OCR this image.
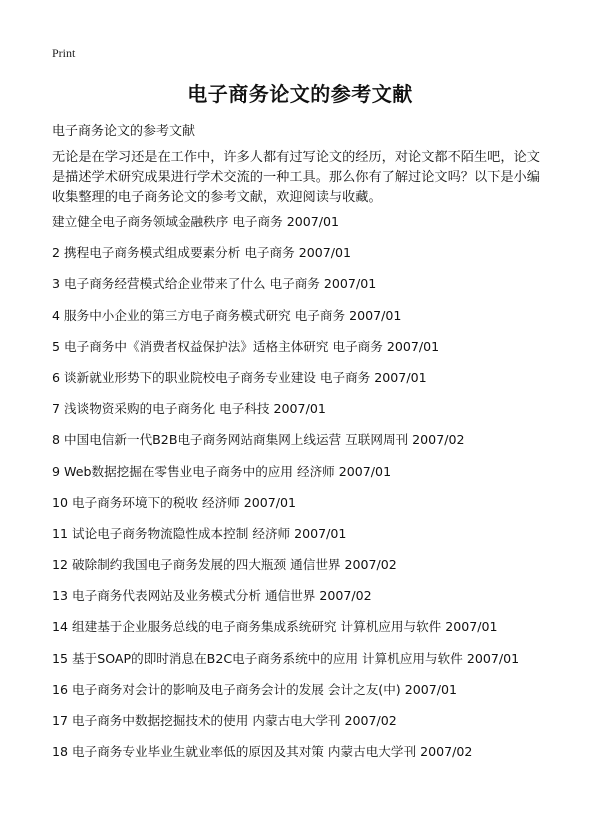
Print
电子商务论文的参考文献
电子商务论文的参考文献
无论是在学习还是在工作中，许多人都有过写论文的经历，对论文都不陌生吧，论文是描述学术研究成果进行学术交流的一种工具。那么你有了解过论文吗？以下是小编收集整理的电子商务论文的参考文献，欢迎阅读与收藏。
建立健全电子商务领域金融秩序 电子商务 2007/01
2 携程电子商务模式组成要素分析 电子商务 2007/01
3 电子商务经营模式给企业带来了什么 电子商务 2007/01
4 服务中小企业的第三方电子商务模式研究 电子商务 2007/01
5 电子商务中《消费者权益保护法》适格主体研究 电子商务 2007/01
6 谈新就业形势下的职业院校电子商务专业建设 电子商务 2007/01
7 浅谈物资采购的电子商务化 电子科技 2007/01
8 中国电信新一代B2B电子商务网站商集网上线运营 互联网周刊 2007/02
9 Web数据挖掘在零售业电子商务中的应用 经济师 2007/01
10 电子商务环境下的税收 经济师 2007/01
11 试论电子商务物流隐性成本控制 经济师 2007/01
12 破除制约我国电子商务发展的四大瓶颈 通信世界 2007/02
13 电子商务代表网站及业务模式分析 通信世界 2007/02
14 组建基于企业服务总线的电子商务集成系统研究 计算机应用与软件 2007/01
15 基于SOAP的即时消息在B2C电子商务系统中的应用 计算机应用与软件 2007/01
16 电子商务对会计的影响及电子商务会计的发展 会计之友(中) 2007/01
17 电子商务中数据挖掘技术的使用 内蒙古电大学刊 2007/02
18 电子商务专业毕业生就业率低的原因及其对策 内蒙古电大学刊 2007/02
